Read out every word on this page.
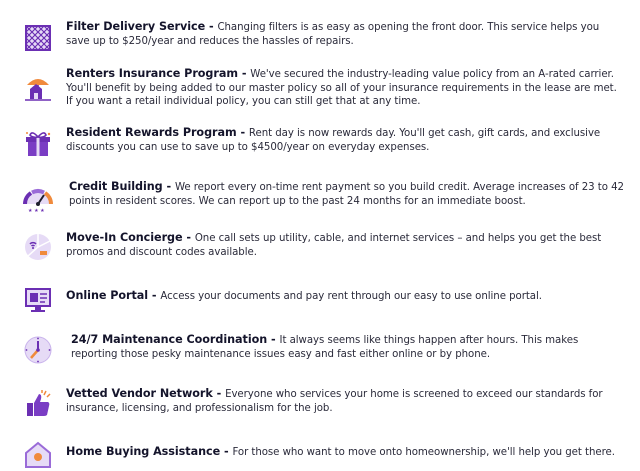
Filter Delivery Service - Changing filters is as easy as opening the front door. This service helps you save up to $250/year and reduces the hassles of repairs.
Renters Insurance Program - We've secured the industry-leading value policy from an A-rated carrier. You'll benefit by being added to our master policy so all of your insurance requirements in the lease are met. If you want a retail individual policy, you can still get that at any time.
Resident Rewards Program - Rent day is now rewards day. You'll get cash, gift cards, and exclusive discounts you can use to save up to $4500/year on everyday expenses.
★ ★ ★
Credit Building - We report every on-time rent payment so you build credit. Average increases of 23 to 42 points in resident scores. We can report up to the past 24 months for an immediate boost.
Move-In Concierge - One call sets up utility, cable, and internet services – and helps you get the best promos and discount codes available.
Online Portal - Access your documents and pay rent through our easy to use online portal.
24/7 Maintenance Coordination - It always seems like things happen after hours. This makes reporting those pesky maintenance issues easy and fast either online or by phone.
Vetted Vendor Network - Everyone who services your home is screened to exceed our standards for insurance, licensing, and professionalism for the job.
Home Buying Assistance - For those who want to move onto homeownership, we'll help you get there.
